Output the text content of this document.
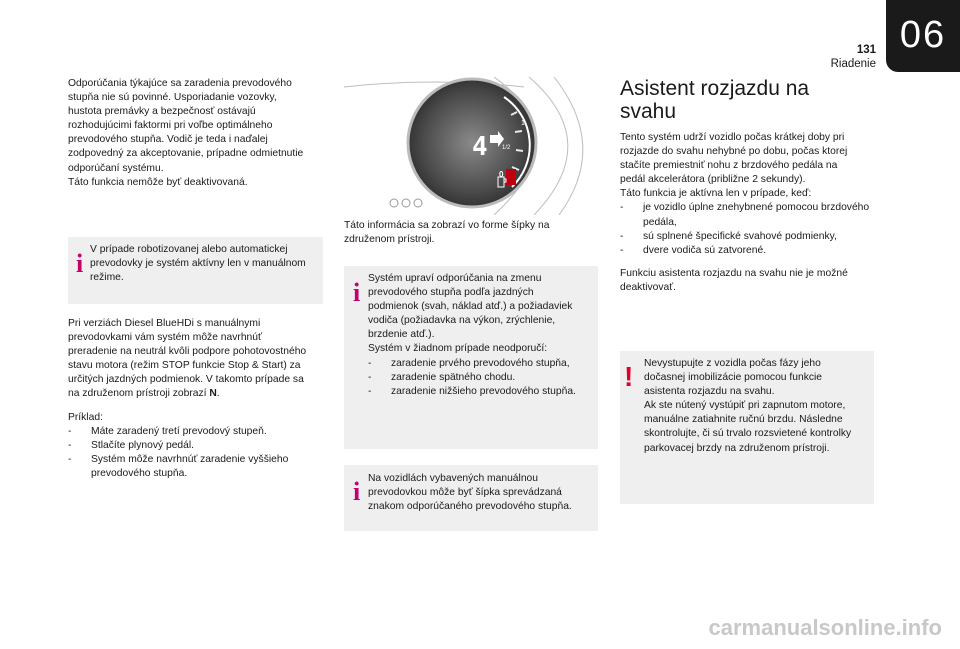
06
131
Riadenie

Odporúčania týkajúce sa zaradenia prevodového

stupňa nie sú povinné. Usporiadanie vozovky,

hustota premávky a bezpečnosť ostávajú

rozhodujúcimi faktormi pri voľbe optimálneho

prevodového stupňa. Vodič je teda i naďalej

zodpovedný za akceptovanie, prípadne odmietnutie

odporúčaní systému.

Táto funkcia nemôže byť deaktivovaná.

i V prípade robotizovanej alebo automatickej

prevodovky je systém aktívny len v manuálnom

režime.

Pri verziách Diesel BlueHDi s manuálnymi

prevodovkami vám systém môže navrhnúť

preradenie na neutrál kvôli podpore pohotovostného

stavu motora (režim STOP funkcie Stop & Start) za

určitých jazdných podmienok. V takomto prípade sa

na združenom prístroji zobrazí N.

Príklad:

- Máte zaradený tretí prevodový stupeň.
- Stlačíte plynový pedál.
- Systém môže navrhnúť zaradenie vyššieho prevodového stupňa.
1
1/2
0
4

Táto informácia sa zobrazí vo forme šípky na

združenom prístroji.

i Systém upraví odporúčania na zmenu

prevodového stupňa podľa jazdných

podmienok (svah, náklad atď.) a požiadaviek

vodiča (požiadavka na výkon, zrýchlenie,

brzdenie atď.).

Systém v žiadnom prípade neodporučí:

- zaradenie prvého prevodového stupňa,
- zaradenie spätného chodu.
- zaradenie nižšieho prevodového stupňa.
i Na vozidlách vybavených manuálnou

prevodovkou môže byť šípka sprevádzaná

znakom odporúčaného prevodového stupňa.

Asistent rozjazdu na
svahu

Tento systém udrží vozidlo počas krátkej doby pri

rozjazde do svahu nehybné po dobu, počas ktorej

stačíte premiestniť nohu z brzdového pedála na

pedál akcelerátora (približne 2 sekundy).

Táto funkcia je aktívna len v prípade, keď:

- je vozidlo úplne znehybnené pomocou brzdového pedála,
- sú splnené špecifické svahové podmienky,
- dvere vodiča sú zatvorené.

Funkciu asistenta rozjazdu na svahu nie je možné

deaktivovať.

! Nevystupujte z vozidla počas fázy jeho

dočasnej imobilizácie pomocou funkcie

asistenta rozjazdu na svahu.

Ak ste nútený vystúpiť pri zapnutom motore,

manuálne zatiahnite ručnú brzdu. Následne

skontrolujte, či sú trvalo rozsvietené kontrolky

parkovacej brzdy na združenom prístroji.

carmanualsonline.info
